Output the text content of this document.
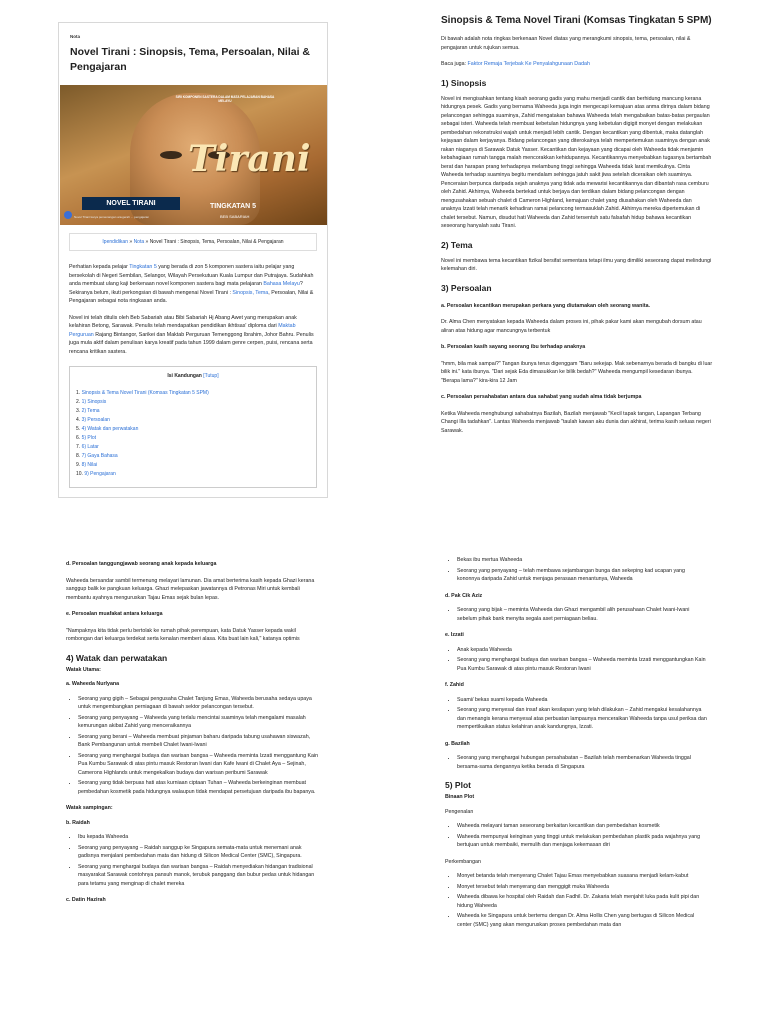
Nota
Novel Tirani : Sinopsis, Tema, Persoalan, Nilai & Pengajaran
SIRI KOMPONEN SASTERA DALAM MATA PELAJARAN BAHASA MELAYU
Tirani
TINGKATAN 5
BEB SABARIAH
NOVEL TIRANI
Novel Tirani karya pemenangan anugerah ... pengajaran
Ipendidikan » Nota » Novel Tirani : Sinopsis, Tema, Persoalan, Nilai & Pengajaran

Perhatian kepada pelajar Tingkatan 5 yang berada di zon 5 komponen sastera iaitu pelajar yang bersekolah di Negeri Sembilan, Selangor, Wilayah Persekutuan Kuala Lumpur dan Putrajaya. Sudahkah anda membuat ulang kaji berkenaan novel komponen sastera bagi mata pelajaran Bahasa Melayu? Sekiranya belum, ikuti perkongsian di bawah mengenai Novel Tirani : Sinopsis, Tema, Persoalan, Nilai & Pengajaran sebagai nota ringkasan anda.

Novel ini telah ditulis oleh Beb Sabariah atau Bibi Sabariah Hj Abang Awet yang merupakan anak kelahiran Betong, Sarawak. Penulis telah mendapatkan pendidikan ikhtisas' diploma dari Maktab Perguruan Rajang Bintangor, Sarikei dan Maktab Perguruan Temenggong Ibrahim, Johor Bahru. Penulis juga mula aktif dalam penulisan karya kreatif pada tahun 1999 dalam genre cerpen, puisi, rencana serta rencana kritikan sastera.

Isi Kandungan [Tutup]
1. Sinopsis & Tema Novel Tirani (Komsas Tingkatan 5 SPM)
2. 1) Sinopsis
3. 2) Tema
4. 3) Persoalan
5. 4) Watak dan perwatakan
6. 5) Plot
7. 6) Latar
8. 7) Gaya Bahasa
9. 8) Nilai
10. 9) Pengajaran
Sinopsis & Tema Novel Tirani (Komsas Tingkatan 5 SPM)

Di bawah adalah nota ringkas berkenaan Novel diatas yang merangkumi sinopsis, tema, persoalan, nilai & pengajaran untuk rujukan semua.

Baca juga: Faktor Remaja Terjebak Ke Penyalahgunaan Dadah

1) Sinopsis

Novel ini mengisahkan tentang kisah seorang gadis yang mahu menjadi cantik dan berhidung mancung kerana hidungnya pesek. Gadis yang bernama Waheeda juga ingin mengecapi kemajuan atas anma dirinya dalam bidang pelancongan sehingga suaminya, Zahid mengatakan bahawa Waheeda telah mengabaikan batas-batas pergaulan sebagai isteri. Waheeda telah membuat kebetulan hidungnya yang kebetulan digigit monyet dengan melakukan pembedahan rekonstruksi wajah untuk menjadi lebih cantik. Dengan kecantikan yang dibentuk, maka datanglah kejayaan dalam kerjayanya. Bidang pelancongan yang diterokainya telah mempertemukan suaminya dengan anak rakan niaganya di Sarawak Datuk Yasser. Kecantikan dan kejayaan yang dicapai oleh Waheeda tidak menjamin kebahagiaan rumah tangga malah mencorakkan kehidupannya. Kecantikannya menyebabkan tugasnya bertambah berat dan harapan prang terhadapnya melambung tinggi sehingga Waheeda tidak larat memikulnya. Cinta Waheeda terhadap suaminya begitu mendalam sehingga jatuh sakit jiwa setelah diceraikan oleh suaminya. Penceraian berpunca daripada sejah anaknya yang tidak ada mewarisi kecantikannya dan dibantah rasa cemburu oleh Zahid. Akhirnya, Waheeda bertekad untuk berjaya dan terdikan dalam bidang pelancongan dengan mengusahakan sebuah chalet di Cameron Highland, kemajuan chalet yang diusahakan oleh Waheeda dan anaknya Izzati telah menarik kehadiran ramai pelancong termasuklah Zahid. Akhirnya mereka dipertemukan di chalet tersebut. Namun, disudut hati Waheeda dan Zahid tersentuh satu falsafah hidup bahawa kecantikan seseorang hanyalah satu Tirani.

2) Tema

Novel ini membawa tema kecantikan fizikal bersifat sementara tetapi ilmu yang dimiliki seseorang dapat melindungi kelemahan diri.

3) Persoalan
a. Persoalan kecantikan merupakan perkara yang diutamakan oleh seorang wanita.

Dr. Alma Chen menyatakan kepada Waheeda dalam proses ini, pihak pakar kami akan mengubah dorsum atau aliran atas hidung agar mancungnya terbentuk

b. Persoalan kasih sayang seorang ibu terhadap anaknya

"hmm, bila mak sampai?" Tangan ibunya terus digenggam "Baru sekejap. Mak sebenarnya berada di bangku di luar bilik ini." kata ibunya. "Dari sejak Eda dimasukkan ke bilik bedah?" Waheeda mengumpil kesedaran ibunya. "Berapa lama?" kira-kira 12 Jam

c. Persoalan persahabatan antara dua sahabat yang sudah alma tidak berjumpa

Ketika Waheeda menghubungi sahabatnya Bazilah, Bazilah menjawab "Kecil tapak tangan, Lapangan Terbang Changi Illa tadahkan". Lantas Waheeda menjawab "taulah kawan aku dunia dan akhirat, terima kasih seluas negeri Sarawak.

d. Persoalan tanggungjawab seorang anak kepada keluarga

Waheeda bersandar sambil termenung melayari lamunan. Dia amat berterima kasih kepada Ghazi kerana sanggup balik ke pangkuan keluarga. Ghazi melepaskan jawatannya di Petronas Miri untuk kembali membantu ayahnya menguruskan Tajau Emas sejak bulan lepas.

e. Persoalan muafakat antara keluarga

"Nampaknya kita tidak perlu bertolak ke rumah pihak perempuan, kata Datuk Yasser kepada wakil rombongan dari keluarga terdekat serta kenalan memberi alasa. Kita buat lain kali," katanya optimis

4) Watak dan perwatakan
Watak Utama:
a. Waheeda Nurlyana
• Seorang yang gigih – Sebagai pengusaha Chalet Tanjung Emas, Waheeda berusaha sedaya upaya untuk mengembangkan perniagaan di bawah sektor pelancongan tersebut.
• Seorang yang penyayang – Waheeda yang terlalu mencintai suaminya telah mengalami masalah kemurungan akibat Zahid yang menceraikannya
• Seorang yang berani – Waheeda membuat pinjaman baharu daripada tabung usahawan siswazah, Bank Pembangunan untuk membeli Chalet Iwani-Iwani
• Seorang yang menghargai budaya dan warisan bangsa – Waheeda meminta Izzati menggantung Kain Pua Kumbu Sarawak di atas pintu masuk Restoran Iwani dan Kafe Iwani di Chalet Aya – Sejinah, Camerons Highlands untuk mengekalkan budaya dan warisan peribumi Sarawak
• Seorang yang tidak berpuas hati atas kurniaan ciptaan Tuhan – Waheeda berkeinginan membuat pembedahan kosmetik pada hidungnya walaupun tidak mendapat persetujuan daripada ibu bapanya.
Watak sampingan:
b. Raidah
• Ibu kepada Waheeda
• Seorang yang penyayang – Raidah sanggup ke Singapura semata-mata untuk menemani anak gadisnya menjalani pembedahan mata dan hidung di Silicon Medical Center (SMC), Singapura.
• Seorang yang menghargai budaya dan warisan bangsa – Raidah menyediakan hidangan tradisional masyarakat Sarawak contohnya pansuh manok, terubuk panggang dan bubur pedas untuk hidangan para tetamu yang menginap di chalet mereka
c. Datin Hazirah
• Bekas ibu mertua Waheeda
• Seorang yang penyayang – telah membawa sejambangan bunga dan sekeping kad ucapan yang kononnya daripada Zahid untuk menjaga perasaan menantunya, Waheeda
d. Pak Cik Aziz
• Seorang yang bijak – meminta Waheeda dan Ghazi mengambil alih perusahaan Chalet Iwani-Iwani sebelum pihak bank menyita segala aset perniagaan beliau.
e. Izzati
• Anak kepada Waheeda
• Seorang yang menghargai budaya dan warisan bangsa – Waheeda meminta Izzati menggantungkan Kain Pua Kumbu Sarawak di atas pintu masuk Restoran Iwani
f. Zahid
• Suami/ bekas suami kepada Waheeda
• Seorang yang menyesal dan insaf akan kesilapan yang telah dilakukan – Zahid mengakui kesalahannya dan menangis kerana menyesal atas perbuatan lampaunya menceraikan Waheeda tanpa usul periksa dan mempertikaikan status kelahiran anak kandungnya, Izzati.
g. Bazilah
• Seorang yang menghargai hubungan persahabatan – Bazilah telah membenarkan Waheeda tinggal bersama-sama dengannya ketika berada di Singapura
5) Plot
Binaan Plot

Pengenalan

• Waheeda melayani taman seseorang berkaitan kecantikan dan pembedahan kosmetik
• Waheeda mempunyai keinginan yang tinggi untuk melakukan pembedahan plastik pada wajahnya yang bertujuan untuk membaiki, memulih dan menjaga kekemasan diri

Perkembangan

• Monyet betanda telah menyerang Chalet Tajau Emas menyebabkan suasana menjadi kelam-kabut
• Monyet tersebut telah menyerang dan menggigit muka Waheeda
• Waheeda dibawa ke hospital oleh Raidah dan Fadhil. Dr. Zakaria telah menjahit luka pada kulit pipi dan hidung Waheeda
• Waheeda ke Singapura untuk bertemu dengan Dr. Alma Hollis Chen yang bertugas di Silicon Medical center (SMC) yang akan menguruskan proses pembedahan mata dan
